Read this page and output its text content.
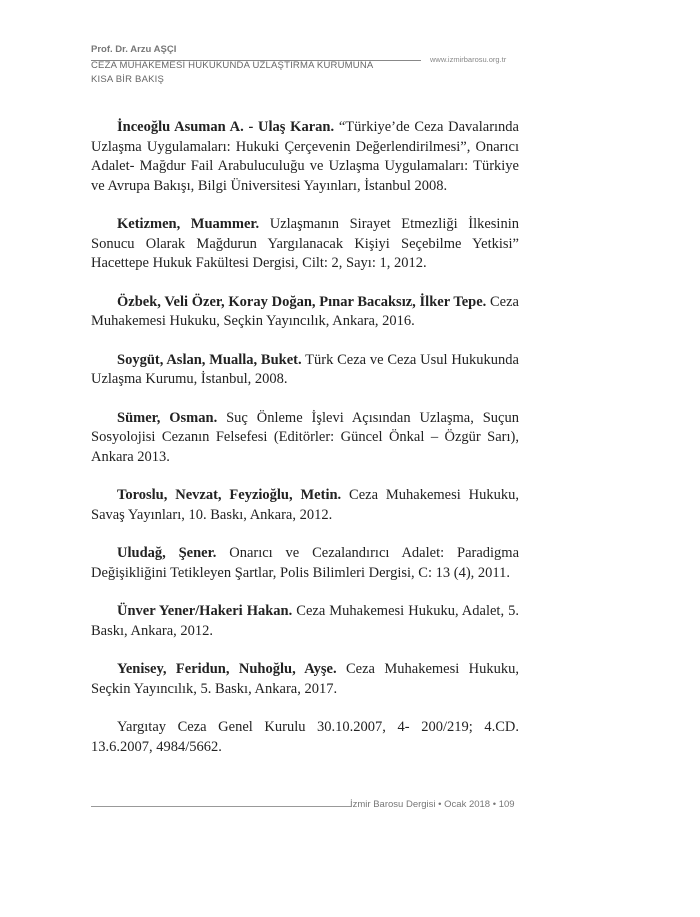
Prof. Dr. Arzu AŞÇI
CEZA MUHAKEMESİ HUKUKUNDA UZLAŞTIRMA KURUMUNA
KISA BİR BAKIŞ
www.izmirbarosu.org.tr

İnceoğlu Asuman A. - Ulaş Karan. “Türkiye’de Ceza Davalarında Uzlaşma Uygulamaları: Hukuki Çerçevenin Değerlendirilmesi”, Onarıcı Adalet- Mağdur Fail Arabuluculuğu ve Uzlaşma Uygulamaları: Türkiye ve Avrupa Bakışı, Bilgi Üniversitesi Yayınları, İstanbul 2008.

Ketizmen, Muammer. Uzlaşmanın Sirayet Etmezliği İlkesinin Sonucu Olarak Mağdurun Yargılanacak Kişiyi Seçebilme Yetkisi” Hacettepe Hukuk Fakültesi Dergisi, Cilt: 2, Sayı: 1, 2012.

Özbek, Veli Özer, Koray Doğan, Pınar Bacaksız, İlker Tepe. Ceza Muhakemesi Hukuku, Seçkin Yayıncılık, Ankara, 2016.

Soygüt, Aslan, Mualla, Buket. Türk Ceza ve Ceza Usul Hukukunda Uzlaşma Kurumu, İstanbul, 2008.

Sümer, Osman. Suç Önleme İşlevi Açısından Uzlaşma, Suçun Sosyolojisi Cezanın Felsefesi (Editörler: Güncel Önkal – Özgür Sarı), Ankara 2013.

Toroslu, Nevzat, Feyzioğlu, Metin. Ceza Muhakemesi Hukuku, Savaş Yayınları, 10. Baskı, Ankara, 2012.

Uludağ, Şener. Onarıcı ve Cezalandırıcı Adalet: Paradigma Değişikliğini Tetikleyen Şartlar, Polis Bilimleri Dergisi, C: 13 (4), 2011.

Ünver Yener/Hakeri Hakan. Ceza Muhakemesi Hukuku, Adalet, 5. Baskı, Ankara, 2012.

Yenisey, Feridun, Nuhoğlu, Ayşe. Ceza Muhakemesi Hukuku, Seçkin Yayıncılık, 5. Baskı, Ankara, 2017.

Yargıtay Ceza Genel Kurulu 30.10.2007, 4- 200/219; 4.CD. 13.6.2007, 4984/5662.

İzmir Barosu Dergisi • Ocak 2018 • 109
